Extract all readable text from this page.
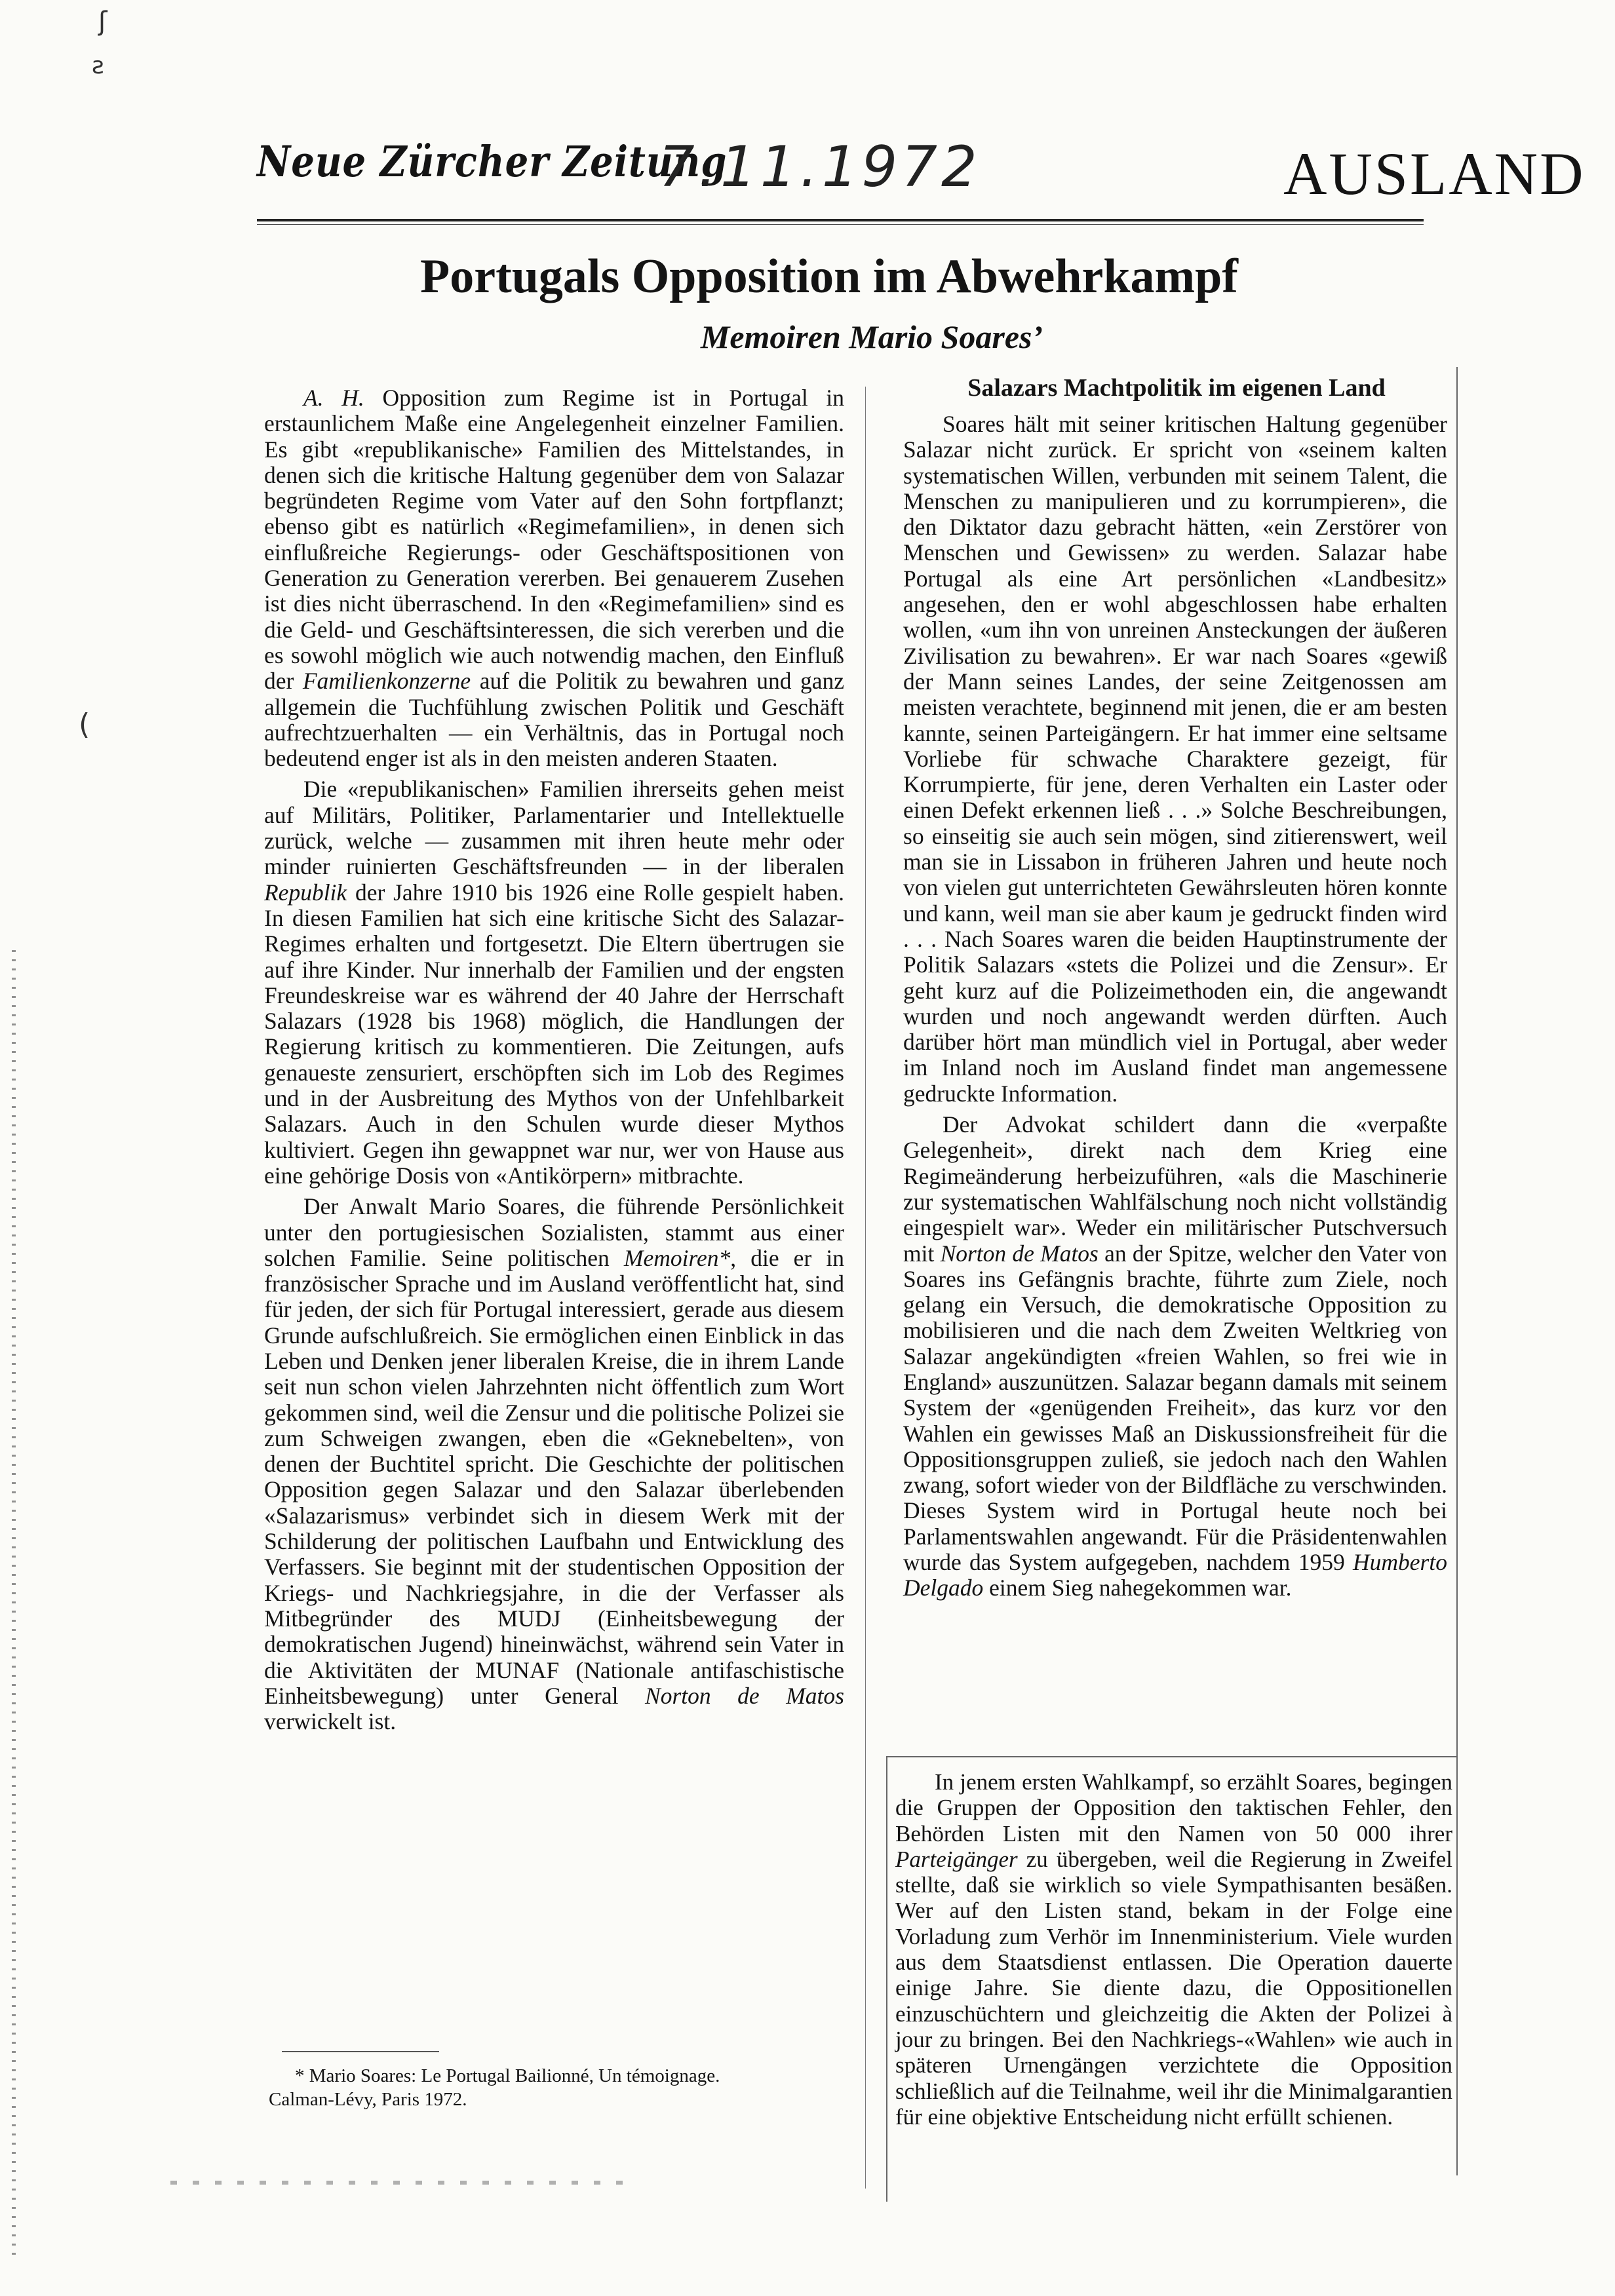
ʃ
ƨ
(
Neue Zürcher Zeitung
7.11.1972	AUSLAND
Portugals Opposition im Abwehrkampf
Memoiren Mario Soares’

A. H. Opposition zum Regime ist in Portugal in erstaunlichem Maße eine Angelegenheit einzelner Familien. Es gibt «republikanische» Familien des Mittelstandes, in denen sich die kritische Haltung gegenüber dem von Salazar begründeten Regime vom Vater auf den Sohn fortpflanzt; ebenso gibt es natürlich «Regimefamilien», in denen sich einflußreiche Regierungs- oder Geschäftspositionen von Generation zu Generation vererben. Bei genauerem Zusehen ist dies nicht überraschend. In den «Regimefamilien» sind es die Geld- und Geschäftsinteressen, die sich vererben und die es sowohl möglich wie auch notwendig machen, den Einfluß der Familienkonzerne auf die Politik zu bewahren und ganz allgemein die Tuchfühlung zwischen Politik und Geschäft aufrechtzuerhalten — ein Verhältnis, das in Portugal noch bedeutend enger ist als in den meisten anderen Staaten.

Die «republikanischen» Familien ihrerseits gehen meist auf Militärs, Politiker, Parlamentarier und Intellektuelle zurück, welche — zusammen mit ihren heute mehr oder minder ruinierten Geschäftsfreunden — in der liberalen Republik der Jahre 1910 bis 1926 eine Rolle gespielt haben. In diesen Familien hat sich eine kritische Sicht des Salazar-Regimes erhalten und fortgesetzt. Die Eltern übertrugen sie auf ihre Kinder. Nur innerhalb der Familien und der engsten Freundeskreise war es während der 40 Jahre der Herrschaft Salazars (1928 bis 1968) möglich, die Handlungen der Regierung kritisch zu kommentieren. Die Zeitungen, aufs genaueste zensuriert, erschöpften sich im Lob des Regimes und in der Ausbreitung des Mythos von der Unfehlbarkeit Salazars. Auch in den Schulen wurde dieser Mythos kultiviert. Gegen ihn gewappnet war nur, wer von Hause aus eine gehörige Dosis von «Antikörpern» mitbrachte.

Der Anwalt Mario Soares, die führende Persönlichkeit unter den portugiesischen Sozialisten, stammt aus einer solchen Familie. Seine politischen Memoiren*, die er in französischer Sprache und im Ausland veröffentlicht hat, sind für jeden, der sich für Portugal interessiert, gerade aus diesem Grunde aufschlußreich. Sie ermöglichen einen Einblick in das Leben und Denken jener liberalen Kreise, die in ihrem Lande seit nun schon vielen Jahrzehnten nicht öffentlich zum Wort gekommen sind, weil die Zensur und die politische Polizei sie zum Schweigen zwangen, eben die «Geknebelten», von denen der Buchtitel spricht. Die Geschichte der politischen Opposition gegen Salazar und den Salazar überlebenden «Salazarismus» verbindet sich in diesem Werk mit der Schilderung der politischen Laufbahn und Entwicklung des Verfassers. Sie beginnt mit der studentischen Opposition der Kriegs- und Nachkriegsjahre, in die der Verfasser als Mitbegründer des MUDJ (Einheitsbewegung der demokratischen Jugend) hineinwächst, während sein Vater in die Aktivitäten der MUNAF (Nationale antifaschistische Einheitsbewegung) unter General Norton de Matos verwickelt ist.

* Mario Soares: Le Portugal Bailionné, Un témoignage.
Calman-Lévy, Paris 1972.
Salazars Machtpolitik im eigenen Land

Soares hält mit seiner kritischen Haltung gegenüber Salazar nicht zurück. Er spricht von «seinem kalten systematischen Willen, verbunden mit seinem Talent, die Menschen zu manipulieren und zu korrumpieren», die den Diktator dazu gebracht hätten, «ein Zerstörer von Menschen und Gewissen» zu werden. Salazar habe Portugal als eine Art persönlichen «Landbesitz» angesehen, den er wohl abgeschlossen habe erhalten wollen, «um ihn von unreinen Ansteckungen der äußeren Zivilisation zu bewahren». Er war nach Soares «gewiß der Mann seines Landes, der seine Zeitgenossen am meisten verachtete, beginnend mit jenen, die er am besten kannte, seinen Parteigängern. Er hat immer eine seltsame Vorliebe für schwache Charaktere gezeigt, für Korrumpierte, für jene, deren Verhalten ein Laster oder einen Defekt erkennen ließ . . .» Solche Beschreibungen, so einseitig sie auch sein mögen, sind zitierenswert, weil man sie in Lissabon in früheren Jahren und heute noch von vielen gut unterrichteten Gewährsleuten hören konnte und kann, weil man sie aber kaum je gedruckt finden wird . . . Nach Soares waren die beiden Hauptinstrumente der Politik Salazars «stets die Polizei und die Zensur». Er geht kurz auf die Polizeimethoden ein, die angewandt wurden und noch angewandt werden dürften. Auch darüber hört man mündlich viel in Portugal, aber weder im Inland noch im Ausland findet man angemessene gedruckte Information.

Der Advokat schildert dann die «verpaßte Gelegenheit», direkt nach dem Krieg eine Regimeänderung herbeizuführen, «als die Maschinerie zur systematischen Wahlfälschung noch nicht vollständig eingespielt war». Weder ein militärischer Putschversuch mit Norton de Matos an der Spitze, welcher den Vater von Soares ins Gefängnis brachte, führte zum Ziele, noch gelang ein Versuch, die demokratische Opposition zu mobilisieren und die nach dem Zweiten Weltkrieg von Salazar angekündigten «freien Wahlen, so frei wie in England» auszunützen. Salazar begann damals mit seinem System der «genügenden Freiheit», das kurz vor den Wahlen ein gewisses Maß an Diskussionsfreiheit für die Oppositionsgruppen zuließ, sie jedoch nach den Wahlen zwang, sofort wieder von der Bildfläche zu verschwinden. Dieses System wird in Portugal heute noch bei Parlamentswahlen angewandt. Für die Präsidentenwahlen wurde das System aufgegeben, nachdem 1959 Humberto Delgado einem Sieg nahegekommen war.

In jenem ersten Wahlkampf, so erzählt Soares, begingen die Gruppen der Opposition den taktischen Fehler, den Behörden Listen mit den Namen von 50 000 ihrer Parteigänger zu übergeben, weil die Regierung in Zweifel stellte, daß sie wirklich so viele Sympathisanten besäßen. Wer auf den Listen stand, bekam in der Folge eine Vorladung zum Verhör im Innenministerium. Viele wurden aus dem Staatsdienst entlassen. Die Operation dauerte einige Jahre. Sie diente dazu, die Oppositionellen einzuschüchtern und gleichzeitig die Akten der Polizei à jour zu bringen. Bei den Nachkriegs-«Wahlen» wie auch in späteren Urnengängen verzichtete die Opposition schließlich auf die Teilnahme, weil ihr die Minimalgarantien für eine objektive Entscheidung nicht erfüllt schienen.
